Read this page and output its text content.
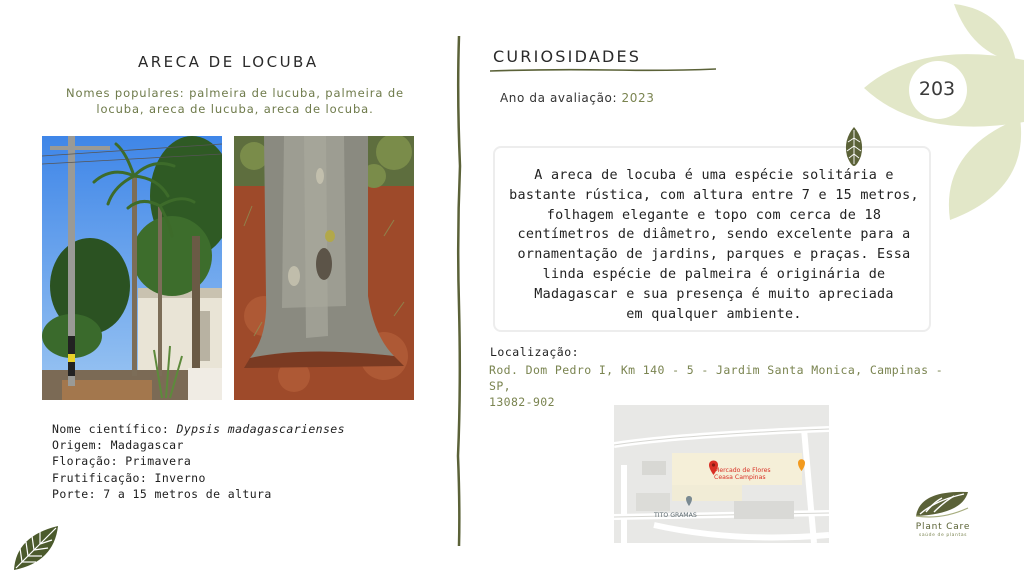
ARECA DE LOCUBA
Nomes populares: palmeira de lucuba, palmeira de
locuba, areca de lucuba, areca de locuba.
Nome científico: Dypsis madagascarienses
Origem: Madagascar
Floração: Primavera
Frutificação: Inverno
Porte: 7 a 15 metros de altura
CURIOSIDADES
Ano da avaliação: 2023
A areca de locuba é uma espécie solitária e
bastante rústica, com altura entre 7 e 15 metros,
folhagem elegante e topo com cerca de 18
centímetros de diâmetro, sendo excelente para a
ornamentação de jardins, parques e praças. Essa
linda espécie de palmeira é originária de
Madagascar e sua presença é muito apreciada
em qualquer ambiente.
Localização:
Rod. Dom Pedro I, Km 140 - 5 - Jardim Santa Monica, Campinas - SP,
13082-902
Mercado de Flores
Ceasa Campinas
TITO GRAMAS
203
Plant Care
saúde de plantas
